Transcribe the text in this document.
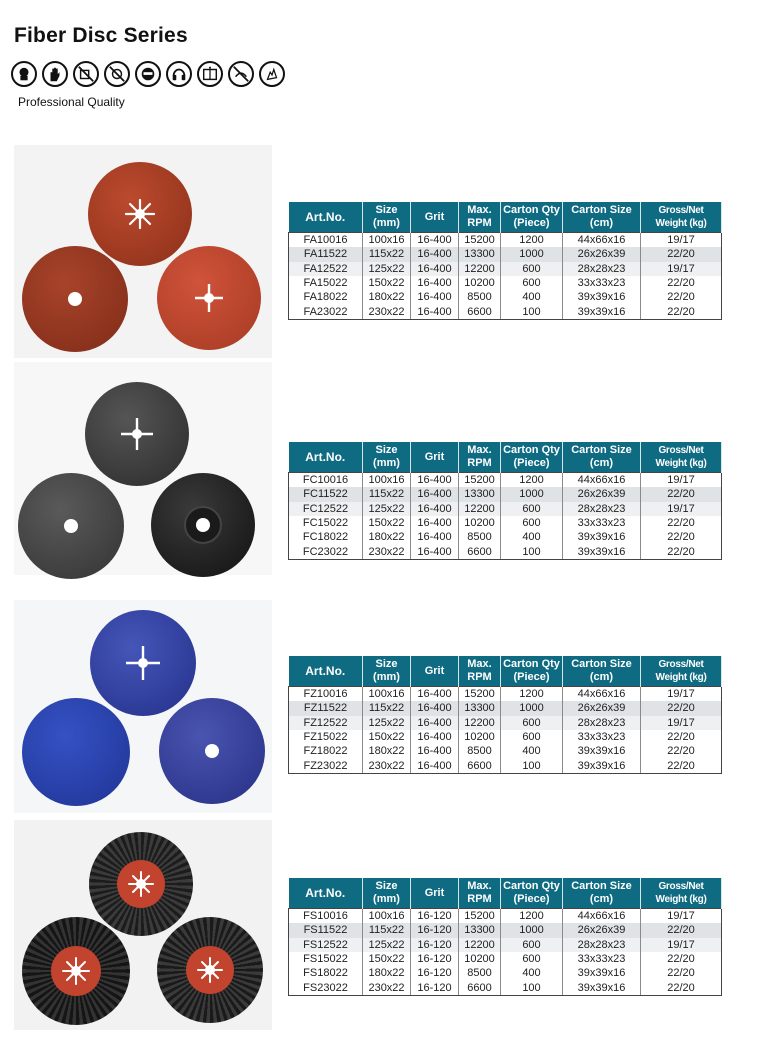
Fiber Disc Series
Professional Quality
Art.No.	Size (mm)	Grit	Max. RPM	Carton Qty (Piece)	Carton Size (cm)	Gross/Net Weight (kg)
FA10016	100x16	16-400	15200	1200	44x66x16	19/17
FA11522	115x22	16-400	13300	1000	26x26x39	22/20
FA12522	125x22	16-400	12200	600	28x28x23	19/17
FA15022	150x22	16-400	10200	600	33x33x23	22/20
FA18022	180x22	16-400	8500	400	39x39x16	22/20
FA23022	230x22	16-400	6600	100	39x39x16	22/20
Art.No.	Size (mm)	Grit	Max. RPM	Carton Qty (Piece)	Carton Size (cm)	Gross/Net Weight (kg)
FC10016	100x16	16-400	15200	1200	44x66x16	19/17
FC11522	115x22	16-400	13300	1000	26x26x39	22/20
FC12522	125x22	16-400	12200	600	28x28x23	19/17
FC15022	150x22	16-400	10200	600	33x33x23	22/20
FC18022	180x22	16-400	8500	400	39x39x16	22/20
FC23022	230x22	16-400	6600	100	39x39x16	22/20
Art.No.	Size (mm)	Grit	Max. RPM	Carton Qty (Piece)	Carton Size (cm)	Gross/Net Weight (kg)
FZ10016	100x16	16-400	15200	1200	44x66x16	19/17
FZ11522	115x22	16-400	13300	1000	26x26x39	22/20
FZ12522	125x22	16-400	12200	600	28x28x23	19/17
FZ15022	150x22	16-400	10200	600	33x33x23	22/20
FZ18022	180x22	16-400	8500	400	39x39x16	22/20
FZ23022	230x22	16-400	6600	100	39x39x16	22/20
Art.No.	Size (mm)	Grit	Max. RPM	Carton Qty (Piece)	Carton Size (cm)	Gross/Net Weight (kg)
FS10016	100x16	16-120	15200	1200	44x66x16	19/17
FS11522	115x22	16-120	13300	1000	26x26x39	22/20
FS12522	125x22	16-120	12200	600	28x28x23	19/17
FS15022	150x22	16-120	10200	600	33x33x23	22/20
FS18022	180x22	16-120	8500	400	39x39x16	22/20
FS23022	230x22	16-120	6600	100	39x39x16	22/20
